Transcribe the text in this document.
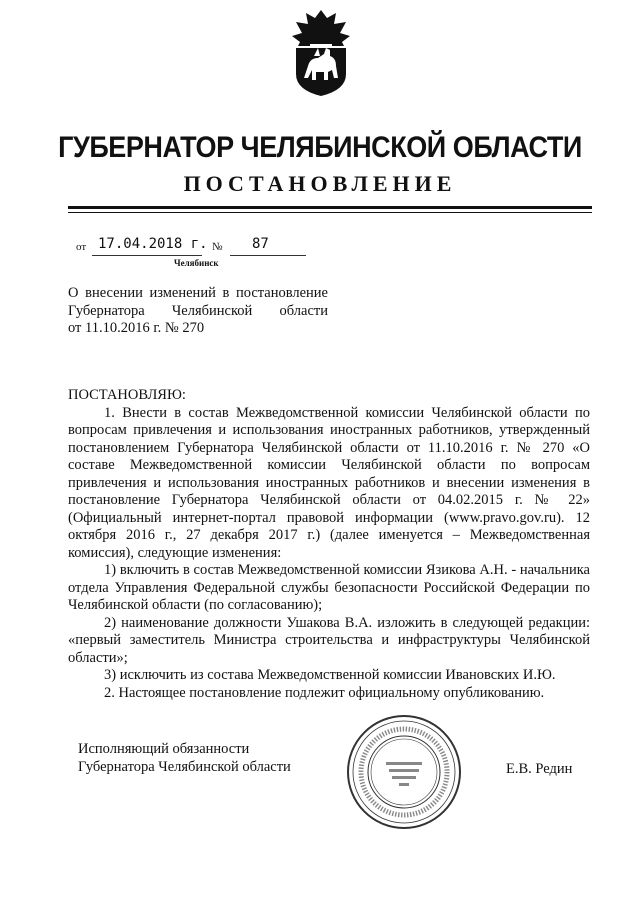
ГУБЕРНАТОР ЧЕЛЯБИНСКОЙ ОБЛАСТИ
ПОСТАНОВЛЕНИЕ
от 17.04.2018 г. № 87
Челябинск
О внесении изменений в постановление
Губернатора Челябинской области
от 11.10.2016 г. № 270

ПОСТАНОВЛЯЮ:

1. Внести в состав Межведомственной комиссии Челябинской области по вопросам привлечения и использования иностранных работников, утвержденный постановлением Губернатора Челябинской области от 11.10.2016 г. № 270 «О составе Межведомственной комиссии Челябинской области по вопросам привлечения и использования иностранных работников и внесении изменения в постановление Губернатора Челябинской области от 04.02.2015 г. № 22» (Официальный интернет-портал правовой информации (www.pravo.gov.ru). 12 октября 2016 г., 27 декабря 2017 г.) (далее именуется – Межведомственная комиссия), следующие изменения:

1) включить в состав Межведомственной комиссии Язикова А.Н. - начальника отдела Управления Федеральной службы безопасности Российской Федерации по Челябинской области (по согласованию);

2) наименование должности Ушакова В.А. изложить в следующей редакции: «первый заместитель Министра строительства и инфраструктуры Челябинской области»;

3) исключить из состава Межведомственной комиссии Ивановских И.Ю.

2. Настоящее постановление подлежит официальному опубликованию.

Исполняющий обязанности
Губернатора Челябинской области	Е.В. Редин
